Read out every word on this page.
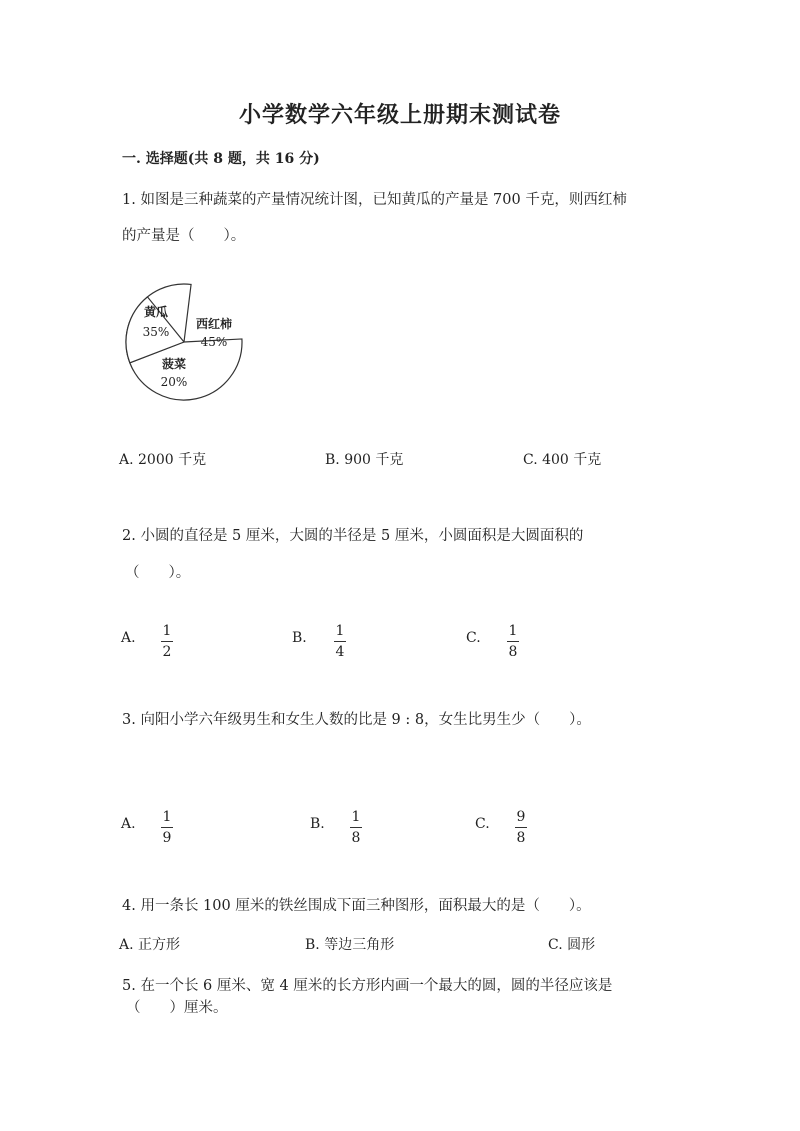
小学数学六年级上册期末测试卷
一. 选择题(共 8 题，共 16 分)
1. 如图是三种蔬菜的产量情况统计图，已知黄瓜的产量是 700 千克，则西红柿
的产量是（　　）。
黄瓜
35%
西红柿
45%
菠菜
20%
A. 2000 千克	B. 900 千克	C. 400 千克
2. 小圆的直径是 5 厘米，大圆的半径是 5 厘米，小圆面积是大圆面积的
（　　）。
A.	1
2
B.	1
4
C.	1
8
3. 向阳小学六年级男生和女生人数的比是 9 : 8，女生比男生少（　　）。
A.	1
9
B.	1
8
C.	9
8
4. 用一条长 100 厘米的铁丝围成下面三种图形，面积最大的是（　　）。
A. 正方形	B. 等边三角形	C. 圆形
5. 在一个长 6 厘米、宽 4 厘米的长方形内画一个最大的圆，圆的半径应该是
（　　）厘米。
